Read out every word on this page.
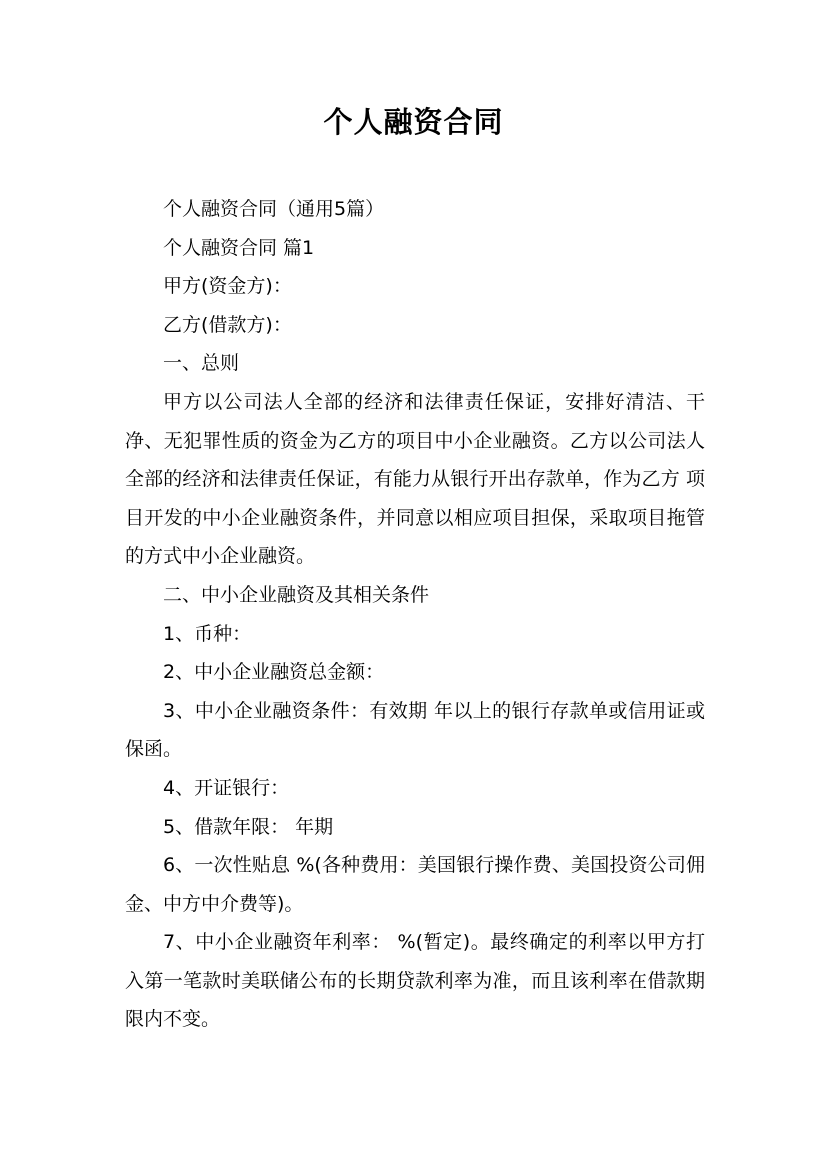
个人融资合同

个人融资合同（通用5篇）

个人融资合同 篇1

甲方(资金方)：

乙方(借款方)：

一、总则

甲方以公司法人全部的经济和法律责任保证，安排好清洁、干净、无犯罪性质的资金为乙方的项目中小企业融资。乙方以公司法人全部的经济和法律责任保证，有能力从银行开出存款单，作为乙方 项目开发的中小企业融资条件，并同意以相应项目担保，采取项目拖管的方式中小企业融资。

二、中小企业融资及其相关条件

1、币种：

2、中小企业融资总金额：

3、中小企业融资条件：有效期 年以上的银行存款单或信用证或保函。

4、开证银行：

5、借款年限： 年期

6、一次性贴息 %(各种费用：美国银行操作费、美国投资公司佣金、中方中介费等)。

7、中小企业融资年利率： %(暂定)。最终确定的利率以甲方打入第一笔款时美联储公布的长期贷款利率为准，而且该利率在借款期限内不变。
